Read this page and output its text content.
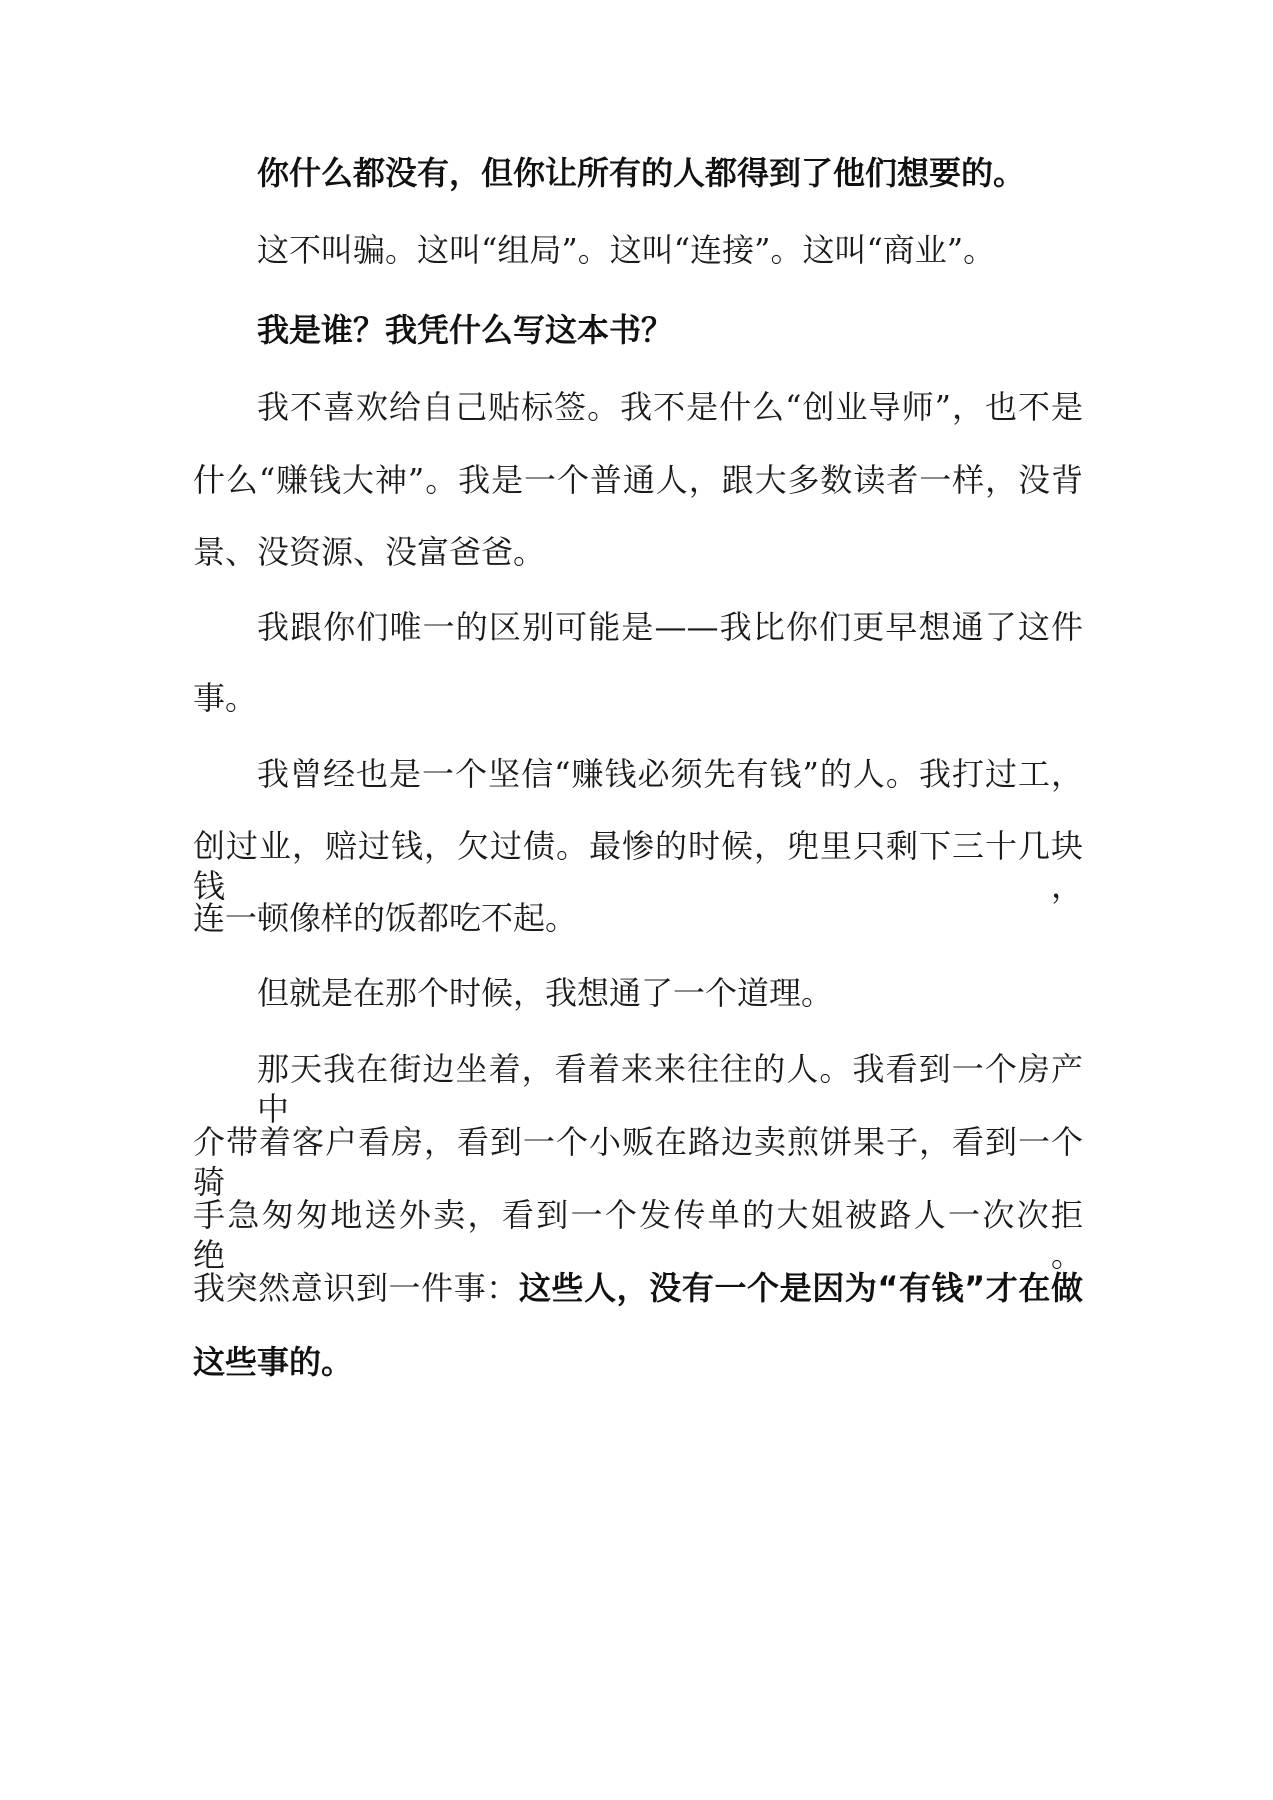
你什么都没有，但你让所有的人都得到了他们想要的。

这不叫骗。这叫“组局”。这叫“连接”。这叫“商业”。

我是谁？我凭什么写这本书？

我不喜欢给自己贴标签。我不是什么“创业导师”，也不是

什么“赚钱大神”。我是一个普通人，跟大多数读者一样，没背

景、没资源、没富爸爸。

我跟你们唯一的区别可能是——我比你们更早想通了这件

事。

我曾经也是一个坚信“赚钱必须先有钱”的人。我打过工，

创过业，赔过钱，欠过债。最惨的时候，兜里只剩下三十几块钱，

连一顿像样的饭都吃不起。

但就是在那个时候，我想通了一个道理。

那天我在街边坐着，看着来来往往的人。我看到一个房产中

介带着客户看房，看到一个小贩在路边卖煎饼果子，看到一个骑

手急匆匆地送外卖，看到一个发传单的大姐被路人一次次拒绝。

我突然意识到一件事：这些人，没有一个是因为“有钱”才在做

这些事的。
